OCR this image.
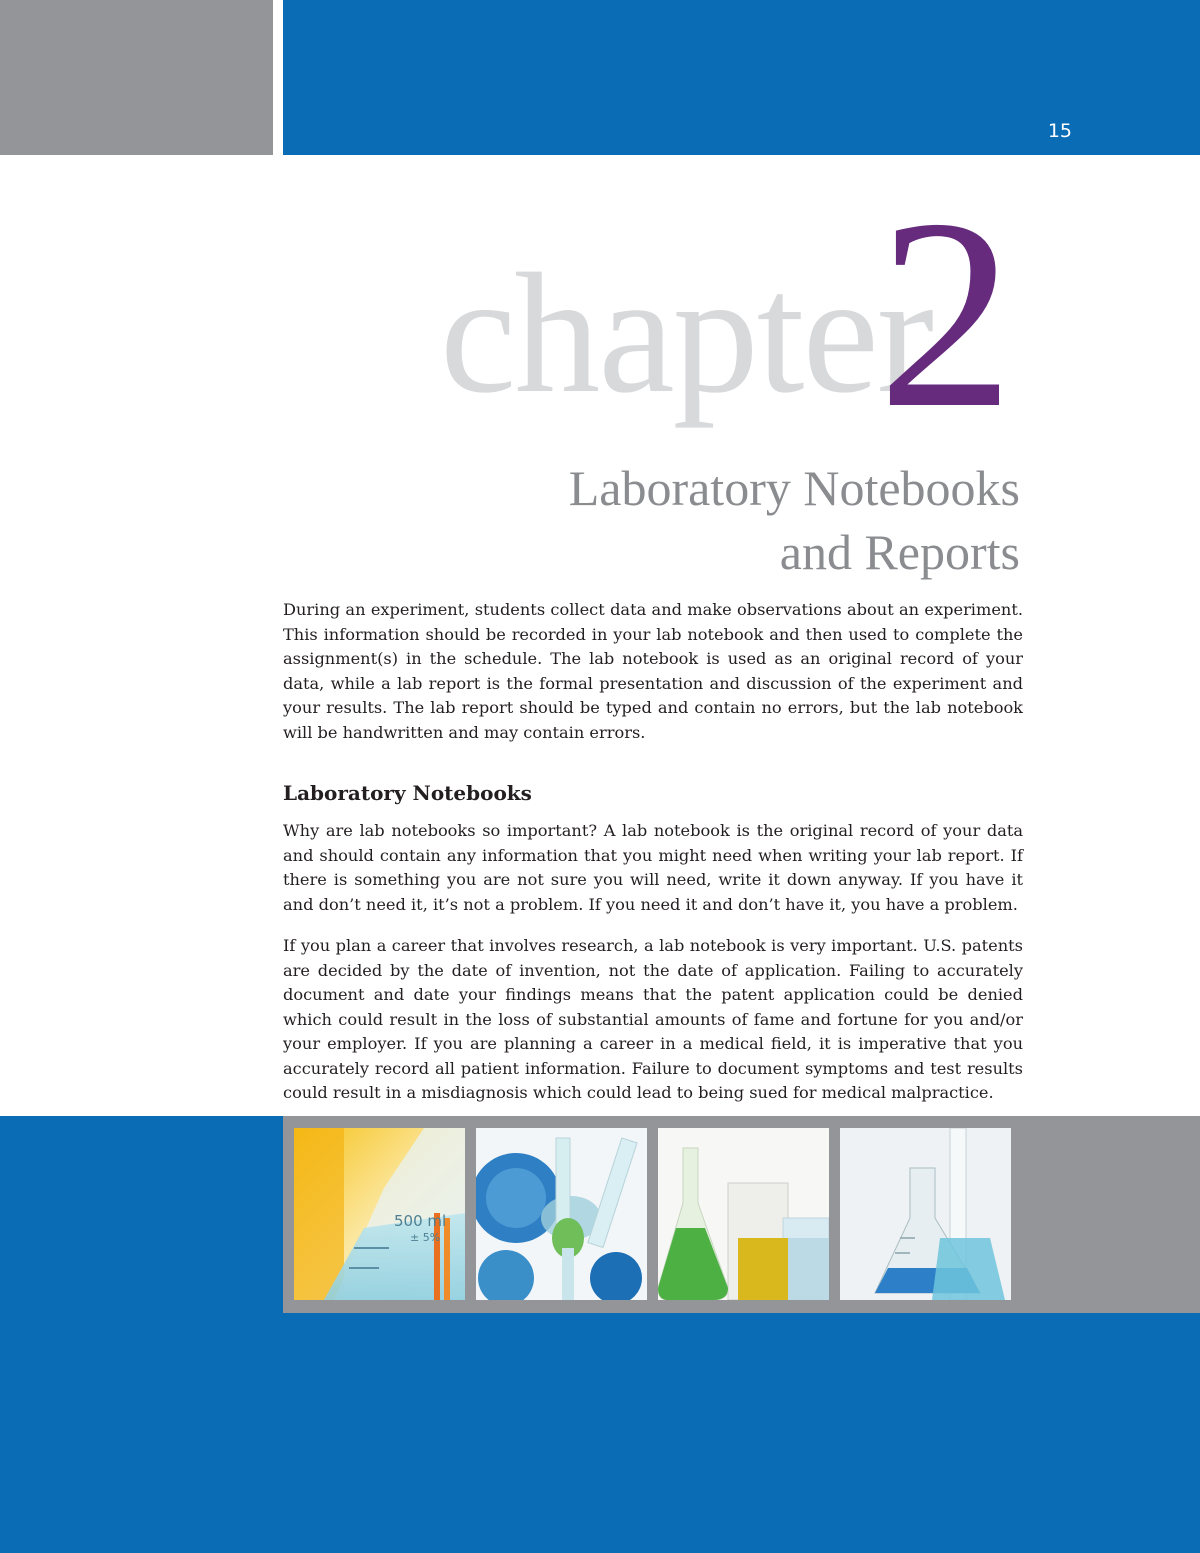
15
chapter
2
Laboratory Notebooks
and Reports

During an experiment, students collect data and make observations about an experiment. This information should be recorded in your lab notebook and then used to complete the assignment(s) in the schedule. The lab notebook is used as an original record of your data, while a lab report is the formal presentation and discussion of the experiment and your results. The lab report should be typed and contain no errors, but the lab notebook will be handwritten and may contain errors.

Laboratory Notebooks

Why are lab notebooks so important? A lab notebook is the original record of your data and should contain any information that you might need when writing your lab report. If there is something you are not sure you will need, write it down anyway. If you have it and don’t need it, it’s not a problem. If you need it and don’t have it, you have a problem.

If you plan a career that involves research, a lab notebook is very important. U.S. patents are decided by the date of invention, not the date of application. Failing to accurately document and date your findings means that the patent application could be denied which could result in the loss of substantial amounts of fame and fortune for you and/or your employer. If you are planning a career in a medical field, it is imperative that you accurately record all patient information. Failure to document symptoms and test results could result in a misdiagnosis which could lead to being sued for medical malpractice.

500 ml
± 5%
